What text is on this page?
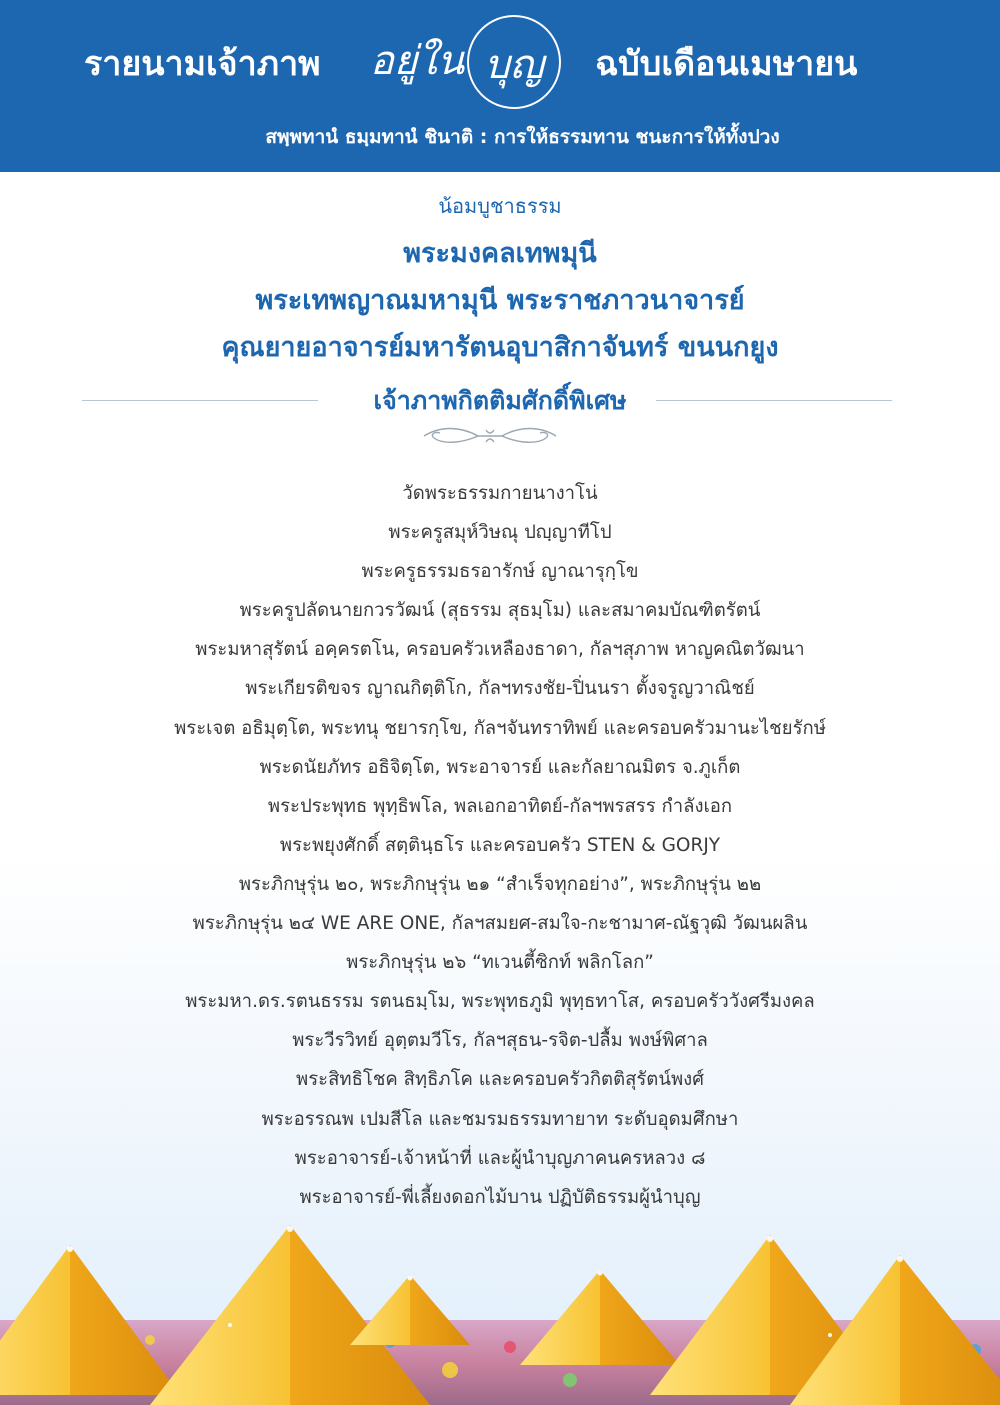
รายนามเจ้าภาพ อยู่ใน บุญ ฉบับเดือนเมษายน
สพฺพทานํ ธมฺมทานํ ชินาติ : การให้ธรรมทาน ชนะการให้ทั้งปวง
น้อมบูชาธรรม
พระมงคลเทพมุนี
พระเทพญาณมหามุนี พระราชภาวนาจารย์
คุณยายอาจารย์มหารัตนอุบาสิกาจันทร์ ขนนกยูง
เจ้าภาพกิตติมศักดิ์พิเศษ
วัดพระธรรมกายนางาโน่
พระครูสมุห์วิษณุ ปญฺญาทีโป
พระครูธรรมธรอารักษ์ ญาณารุกฺโข
พระครูปลัดนายกวรวัฒน์ (สุธรรม สุธมฺโม) และสมาคมบัณฑิตรัตน์
พระมหาสุรัตน์ อคฺครตโน, ครอบครัวเหลืองธาดา, กัลฯสุภาพ หาญคณิตวัฒนา
พระเกียรติขจร ญาณกิตฺติโก, กัลฯทรงชัย-ปิ่นนรา ตั้งจรูญวาณิชย์
พระเจต อธิมุตฺโต, พระทนุ ชยารกฺโข, กัลฯจันทราทิพย์ และครอบครัวมานะไชยรักษ์
พระดนัยภัทร อธิจิตฺโต, พระอาจารย์ และกัลยาณมิตร จ.ภูเก็ต
พระประพุทธ พุทฺธิพโล, พลเอกอาทิตย์-กัลฯพรสรร กำลังเอก
พระพยุงศักดิ์ สตฺตินฺธโร และครอบครัว STEN & GORJY
พระภิกษุรุ่น ๒๐, พระภิกษุรุ่น ๒๑ “สำเร็จทุกอย่าง”, พระภิกษุรุ่น ๒๒
พระภิกษุรุ่น ๒๔ WE ARE ONE, กัลฯสมยศ-สมใจ-กะชามาศ-ณัฐวุฒิ วัฒนผลิน
พระภิกษุรุ่น ๒๖ “ทเวนตี้ซิกท์ พลิกโลก”
พระมหา.ดร.รตนธรรม รตนธมฺโม, พระพุทธภูมิ พุทฺธทาโส, ครอบครัววังศรีมงคล
พระวีรวิทย์ อุตฺตมวีโร, กัลฯสุธน-รจิต-ปลื้ม พงษ์พิศาล
พระสิทธิโชค สิทฺธิภโค และครอบครัวกิตติสุรัตน์พงศ์
พระอรรณพ เปมสีโล และชมรมธรรมทายาท ระดับอุดมศึกษา
พระอาจารย์-เจ้าหน้าที่ และผู้นำบุญภาคนครหลวง ๘
พระอาจารย์-พี่เลี้ยงดอกไม้บาน ปฏิบัติธรรมผู้นำบุญ
